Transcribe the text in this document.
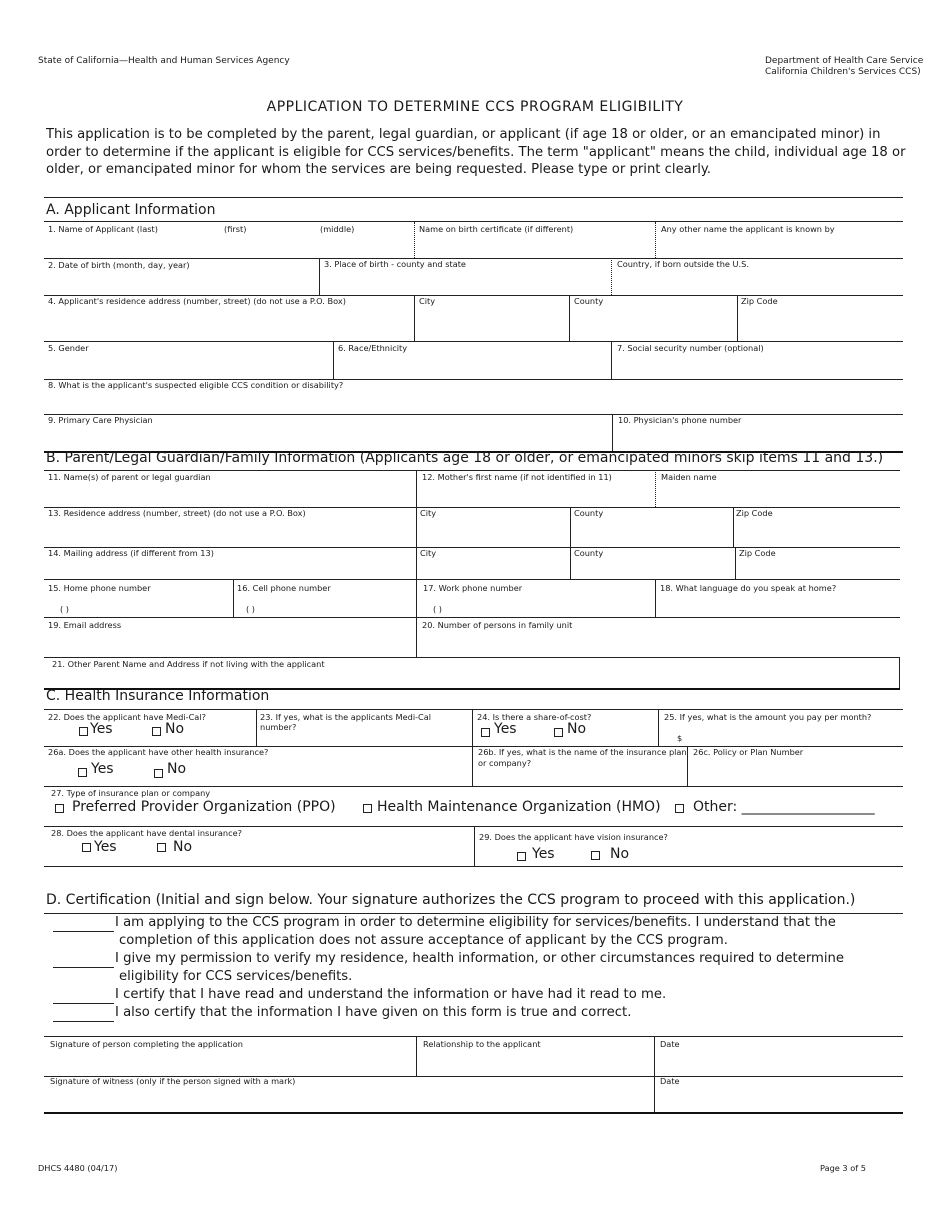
State of California—Health and Human Services Agency	Department of Health Care Service
California Children's Services CCS)
APPLICATION TO DETERMINE CCS PROGRAM ELIGIBILITY
This application is to be completed by the parent, legal guardian, or applicant (if age 18 or older, or an emancipated minor) in order to determine if the applicant is eligible for CCS services/benefits. The term "applicant" means the child, individual age 18 or older, or emancipated minor for whom the services are being requested. Please type or print clearly.
A. Applicant Information
1. Name of Applicant (last)	(first)	(middle)	Name on birth certificate (if different)	Any other name the applicant is known by
2. Date of birth (month, day, year)	3. Place of birth - county and state	Country, if born outside the U.S.
4. Applicant's residence address (number, street) (do not use a P.O. Box)	City	County	Zip Code
5. Gender	6. Race/Ethnicity	7. Social security number (optional)
8. What is the applicant's suspected eligible CCS condition or disability?
9. Primary Care Physician	10. Physician's phone number
B. Parent/Legal Guardian/Family Information (Applicants age 18 or older, or emancipated minors skip items 11 and 13.)
11. Name(s) of parent or legal guardian	12. Mother's first name (if not identified in 11)	Maiden name
13. Residence address (number, street) (do not use a P.O. Box)	City	County	Zip Code
14. Mailing address (if different from 13)	City	County	Zip Code
15. Home phone number
( )
16. Cell phone number
( )
17. Work phone number
( )
18. What language do you speak at home?
19. Email address	20. Number of persons in family unit
21. Other Parent Name and Address if not living with the applicant
C. Health Insurance Information
22. Does the applicant have Medi-Cal?
Yes	No
23. If yes, what is the applicants Medi-Cal
number?
24. Is there a share-of-cost?
Yes	No
25. If yes, what is the amount you pay per month?
$
26a. Does the applicant have other health insurance?
Yes	No
26b. If yes, what is the name of the insurance plan
or company?
26c. Policy or Plan Number
27. Type of insurance plan or company
Preferred Provider Organization (PPO)	Health Maintenance Organization (HMO) Other: ___________________
28. Does the applicant have dental insurance?
Yes	No
29. Does the applicant have vision insurance?
Yes	No
D. Certification (Initial and sign below. Your signature authorizes the CCS program to proceed with this application.)
I am applying to the CCS program in order to determine eligibility for services/benefits. I understand that the
completion of this application does not assure acceptance of applicant by the CCS program.
I give my permission to verify my residence, health information, or other circumstances required to determine
eligibility for CCS services/benefits.
I certify that I have read and understand the information or have had it read to me.
I also certify that the information I have given on this form is true and correct.
Signature of person completing the application	Relationship to the applicant	Date
Signature of witness (only if the person signed with a mark)	Date
DHCS 4480 (04/17)	Page 3 of 5
